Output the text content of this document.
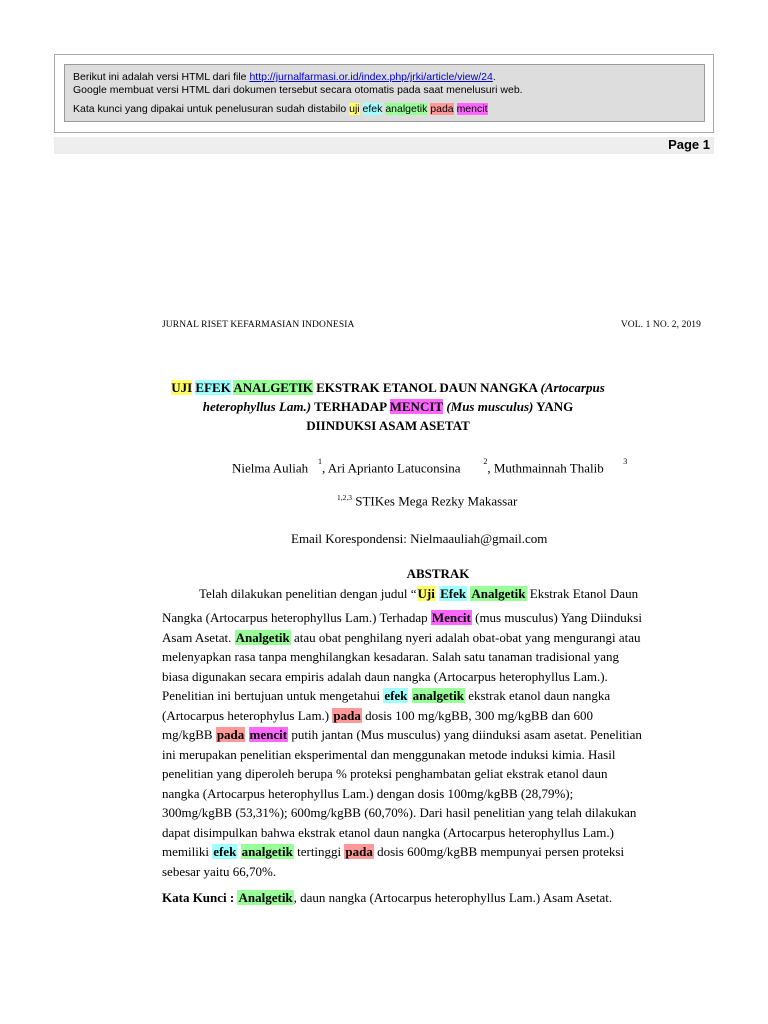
Berikut ini adalah versi HTML dari file http://jurnalfarmasi.or.id/index.php/jrki/article/view/24.
Google membuat versi HTML dari dokumen tersebut secara otomatis pada saat menelusuri web.
Kata kunci yang dipakai untuk penelusuran sudah distabilo uji efek analgetik pada mencit
Page 1
JURNAL RISET KEFARMASIAN INDONESIA	VOL. 1 NO. 2, 2019
UJI EFEK ANALGETIK EKSTRAK ETANOL DAUN NANGKA (Artocarpus
heterophyllus Lam.) TERHADAP MENCIT (Mus musculus) YANG
DIINDUKSI ASAM ASETAT
Nielma Auliah $^1$, Ari Aprianto Latuconsina	$^2$, Muthmainnah Thalib $^3$
$^{1,2,3}$ STIKes Mega Rezky Makassar
Email Korespondensi: Nielmaauliah@gmail.com
ABSTRAK
Telah dilakukan penelitian dengan judul “Uji Efek Analgetik Ekstrak Etanol Daun
Nangka (Artocarpus heterophyllus Lam.) Terhadap Mencit (mus musculus) Yang Diinduksi
Asam Asetat. Analgetik atau obat penghilang nyeri adalah obat-obat yang mengurangi atau
melenyapkan rasa tanpa menghilangkan kesadaran. Salah satu tanaman tradisional yang
biasa digunakan secara empiris adalah daun nangka (Artocarpus heterophyllus Lam.).
Penelitian ini bertujuan untuk mengetahui efek analgetik ekstrak etanol daun nangka
(Artocarpus heterophylus Lam.) pada dosis 100 mg/kgBB, 300 mg/kgBB dan 600
mg/kgBB pada mencit putih jantan (Mus musculus) yang diinduksi asam asetat. Penelitian
ini merupakan penelitian eksperimental dan menggunakan metode induksi kimia. Hasil
penelitian yang diperoleh berupa % proteksi penghambatan geliat ekstrak etanol daun
nangka (Artocarpus heterophyllus Lam.) dengan dosis 100mg/kgBB (28,79%);
300mg/kgBB (53,31%); 600mg/kgBB (60,70%). Dari hasil penelitian yang telah dilakukan
dapat disimpulkan bahwa ekstrak etanol daun nangka (Artocarpus heterophyllus Lam.)
memiliki efek analgetik tertinggi pada dosis 600mg/kgBB mempunyai persen proteksi
sebesar yaitu 66,70%.
Kata Kunci : Analgetik, daun nangka (Artocarpus heterophyllus Lam.) Asam Asetat.
